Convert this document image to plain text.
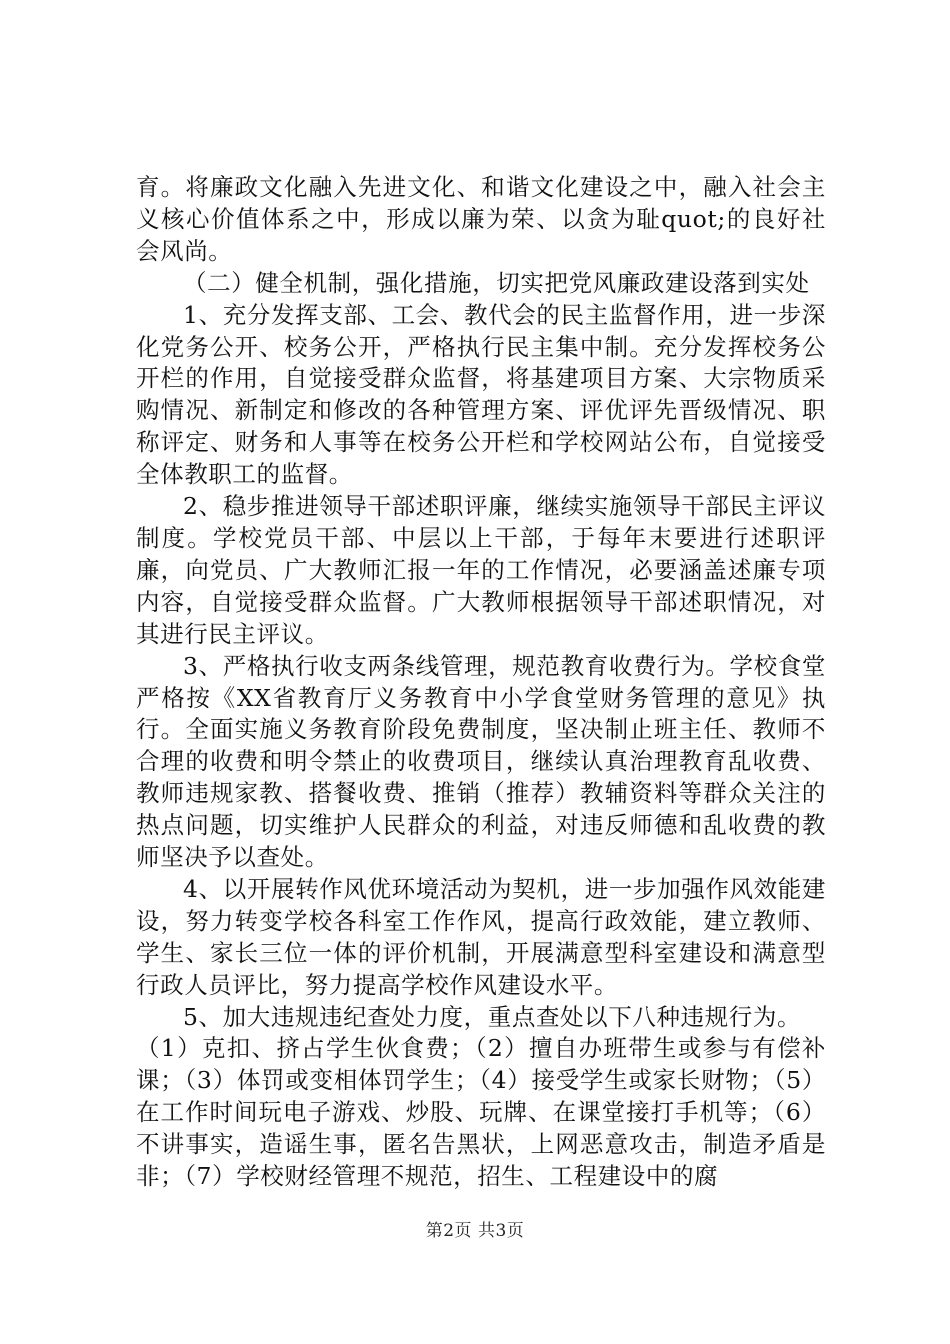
育。将廉政文化融入先进文化、和谐文化建设之中，融入社会主义核心价值体系之中，形成以廉为荣、以贪为耻quot;的良好社会风尚。

（二）健全机制，强化措施，切实把党风廉政建设落到实处

1、充分发挥支部、工会、教代会的民主监督作用，进一步深化党务公开、校务公开，严格执行民主集中制。充分发挥校务公开栏的作用，自觉接受群众监督，将基建项目方案、大宗物质采购情况、新制定和修改的各种管理方案、评优评先晋级情况、职称评定、财务和人事等在校务公开栏和学校网站公布，自觉接受全体教职工的监督。

2、稳步推进领导干部述职评廉，继续实施领导干部民主评议制度。学校党员干部、中层以上干部，于每年末要进行述职评廉，向党员、广大教师汇报一年的工作情况，必要涵盖述廉专项内容，自觉接受群众监督。广大教师根据领导干部述职情况，对其进行民主评议。

3、严格执行收支两条线管理，规范教育收费行为。学校食堂严格按《XX省教育厅义务教育中小学食堂财务管理的意见》执行。全面实施义务教育阶段免费制度，坚决制止班主任、教师不合理的收费和明令禁止的收费项目，继续认真治理教育乱收费、教师违规家教、搭餐收费、推销（推荐）教辅资料等群众关注的热点问题，切实维护人民群众的利益，对违反师德和乱收费的教师坚决予以查处。

4、以开展转作风优环境活动为契机，进一步加强作风效能建设，努力转变学校各科室工作作风，提高行政效能，建立教师、学生、家长三位一体的评价机制，开展满意型科室建设和满意型行政人员评比，努力提高学校作风建设水平。

5、加大违规违纪查处力度，重点查处以下八种违规行为。

（1）克扣、挤占学生伙食费；（2）擅自办班带生或参与有偿补课；（3）体罚或变相体罚学生；（4）接受学生或家长财物；（5）在工作时间玩电子游戏、炒股、玩牌、在课堂接打手机等；（6）不讲事实，造谣生事，匿名告黑状，上网恶意攻击，制造矛盾是非；（7）学校财经管理不规范，招生、工程建设中的腐

第2页 共3页
